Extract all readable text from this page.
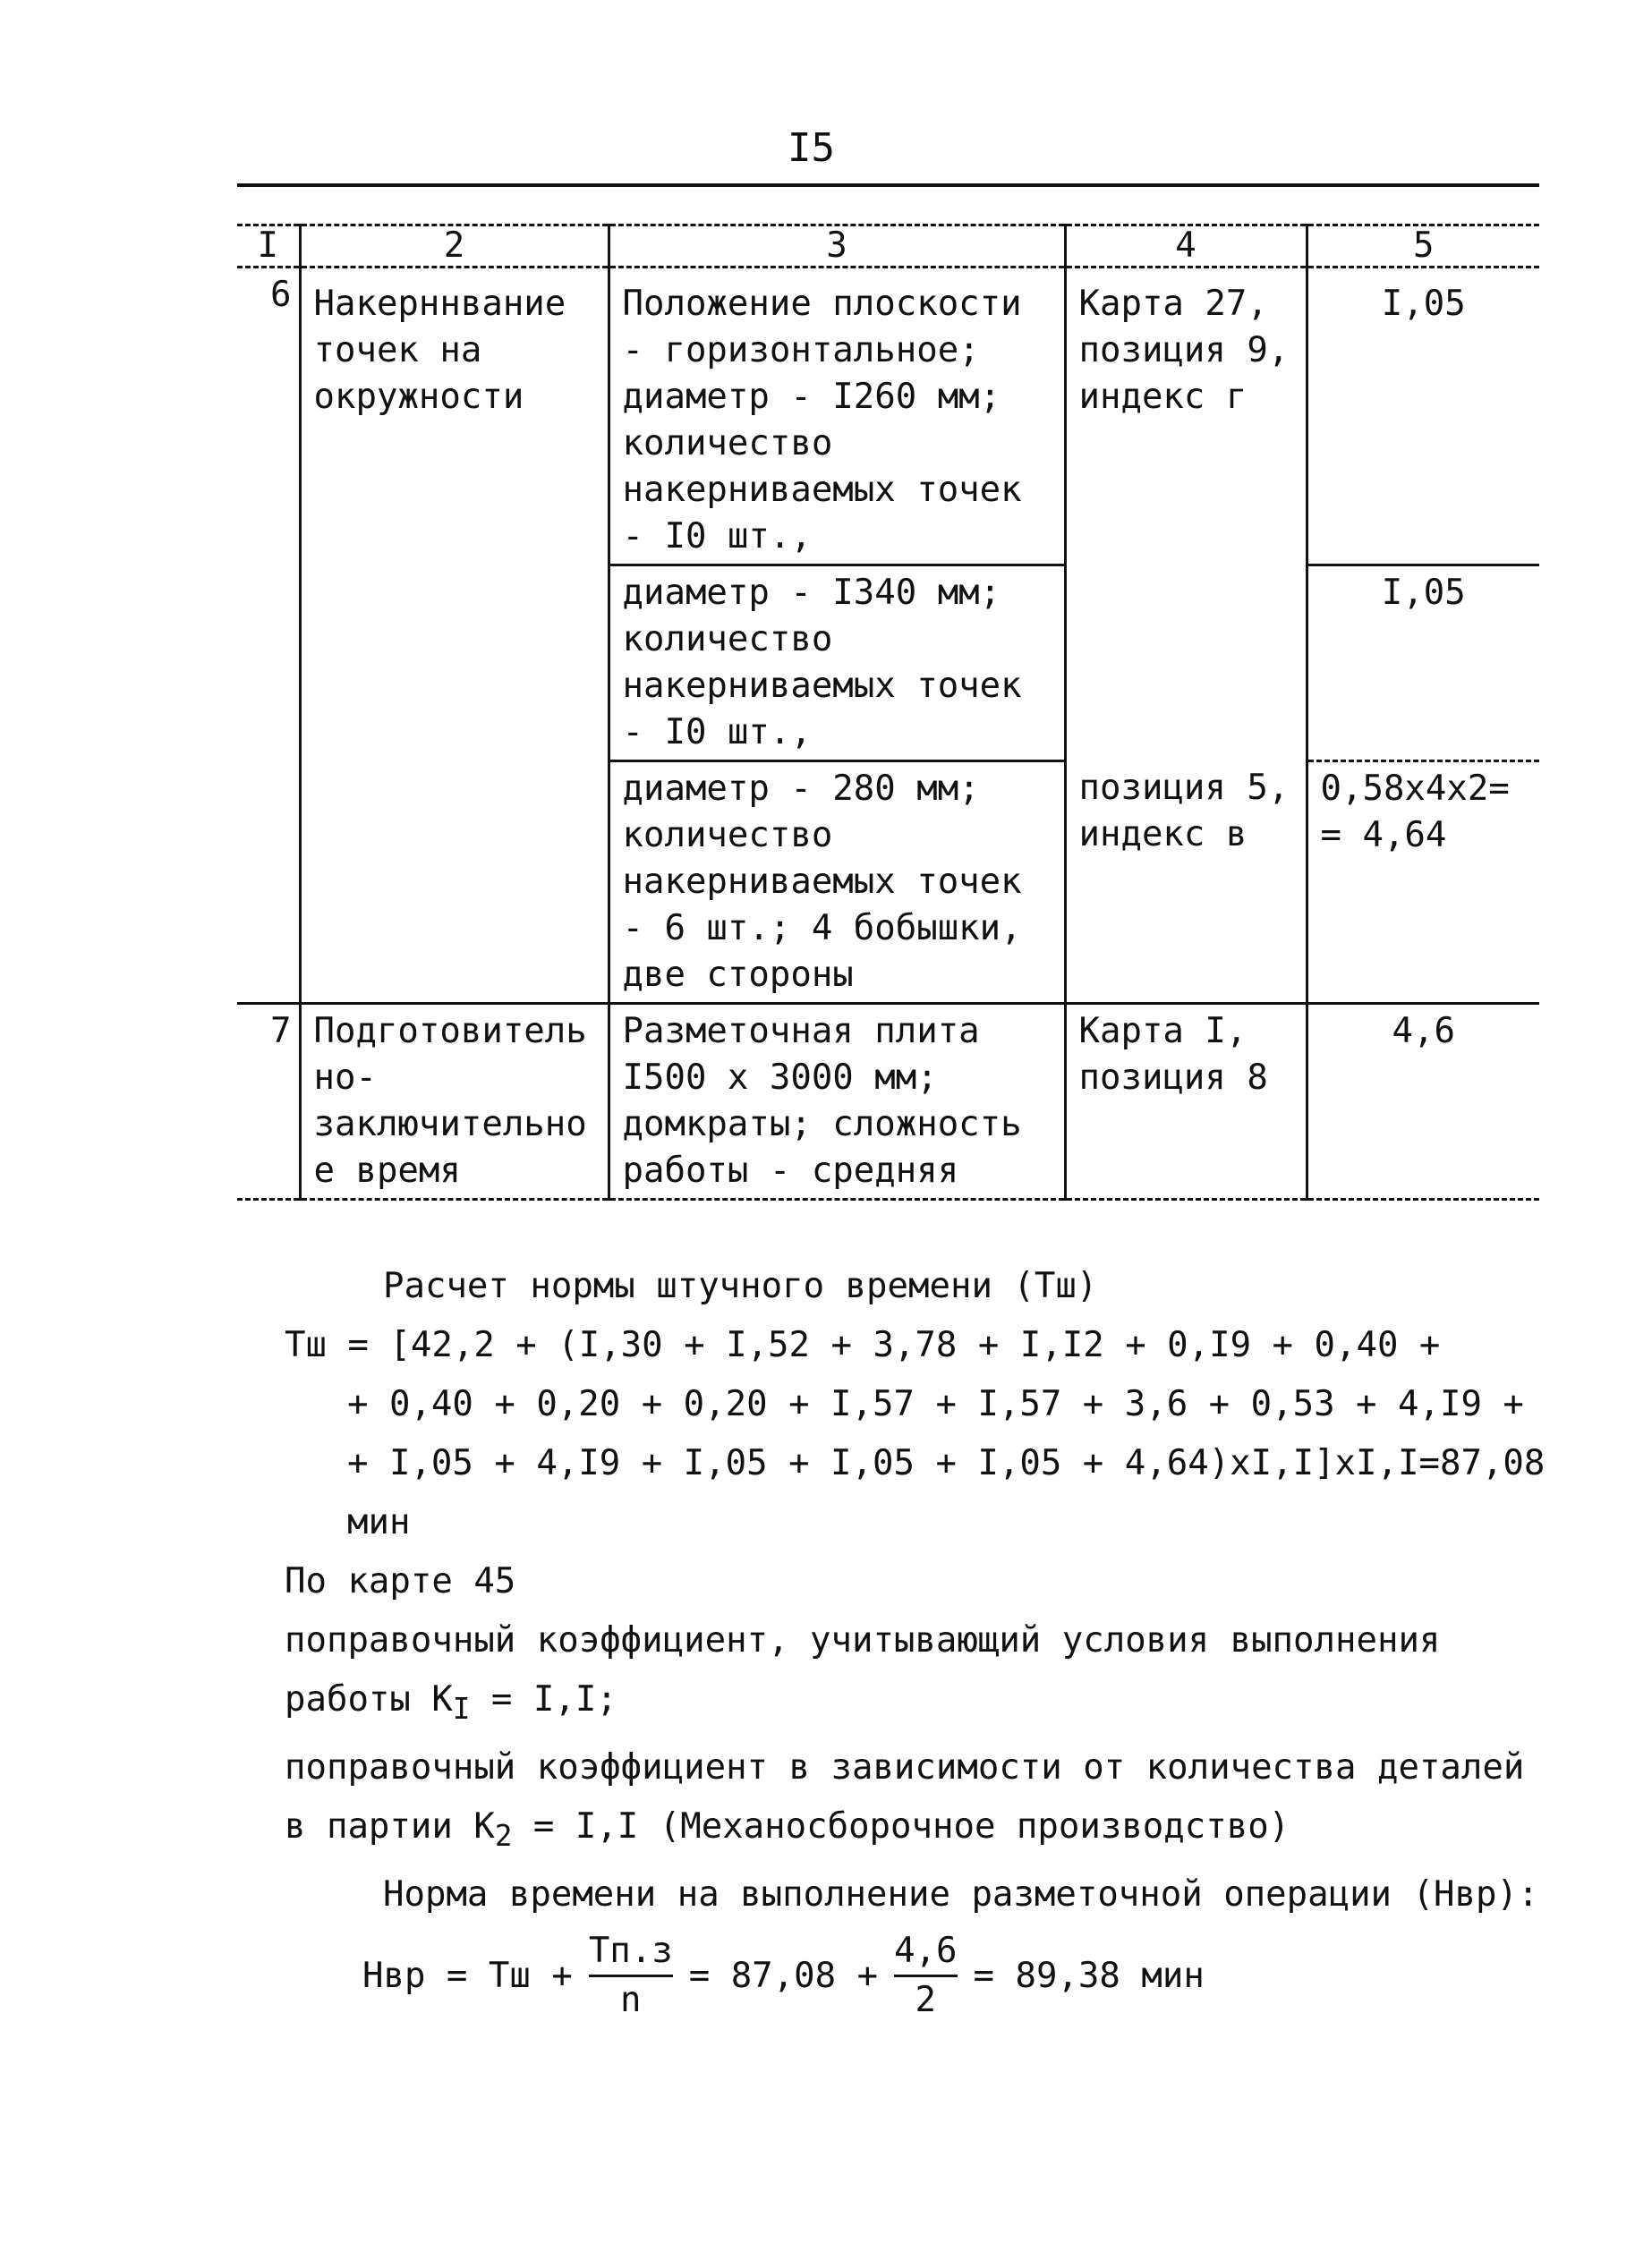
I5
I	2	3	4	5
6	Накерннвание точек на окружности	Положение плоскости - горизонтальное; диаметр - I260 мм; количество накерниваемых точек - I0 шт.,	Карта 27, позиция 9, индекс г	I,05
		диаметр - I340 мм; количество накерниваемых точек - I0 шт.,		I,05
		диаметр - 280 мм; количество накерниваемых точек - 6 шт.; 4 бобышки, две стороны	позиция 5, индекс в	0,58х4х2= = 4,64
7	Подготовительно-заключительное время	Разметочная плита I500 х 3000 мм; домкраты; сложность работы - средняя	Карта I, позиция 8	4,6

Расчет нормы штучного времени (Тш)

Тш = [42,2 + (I,30 + I,52 + 3,78 + I,I2 + 0,I9 + 0,40 +

+ 0,40 + 0,20 + 0,20 + I,57 + I,57 + 3,6 + 0,53 + 4,I9 +

+ I,05 + 4,I9 + I,05 + I,05 + I,05 + 4,64)хI,I]хI,I=87,08 мин

По карте 45

поправочный коэффициент, учитывающий условия выполнения работы $К_I = I,I$;

поправочный коэффициент в зависимости от количества деталей в партии $К_2 = I,I$ (Механосборочное производство)

Норма времени на выполнение разметочной операции (Нвр):

Нвр = Тш + $\frac{Тп.з}{n} = 87,08 + \frac{4,6}{2} = 89,38$ мин
